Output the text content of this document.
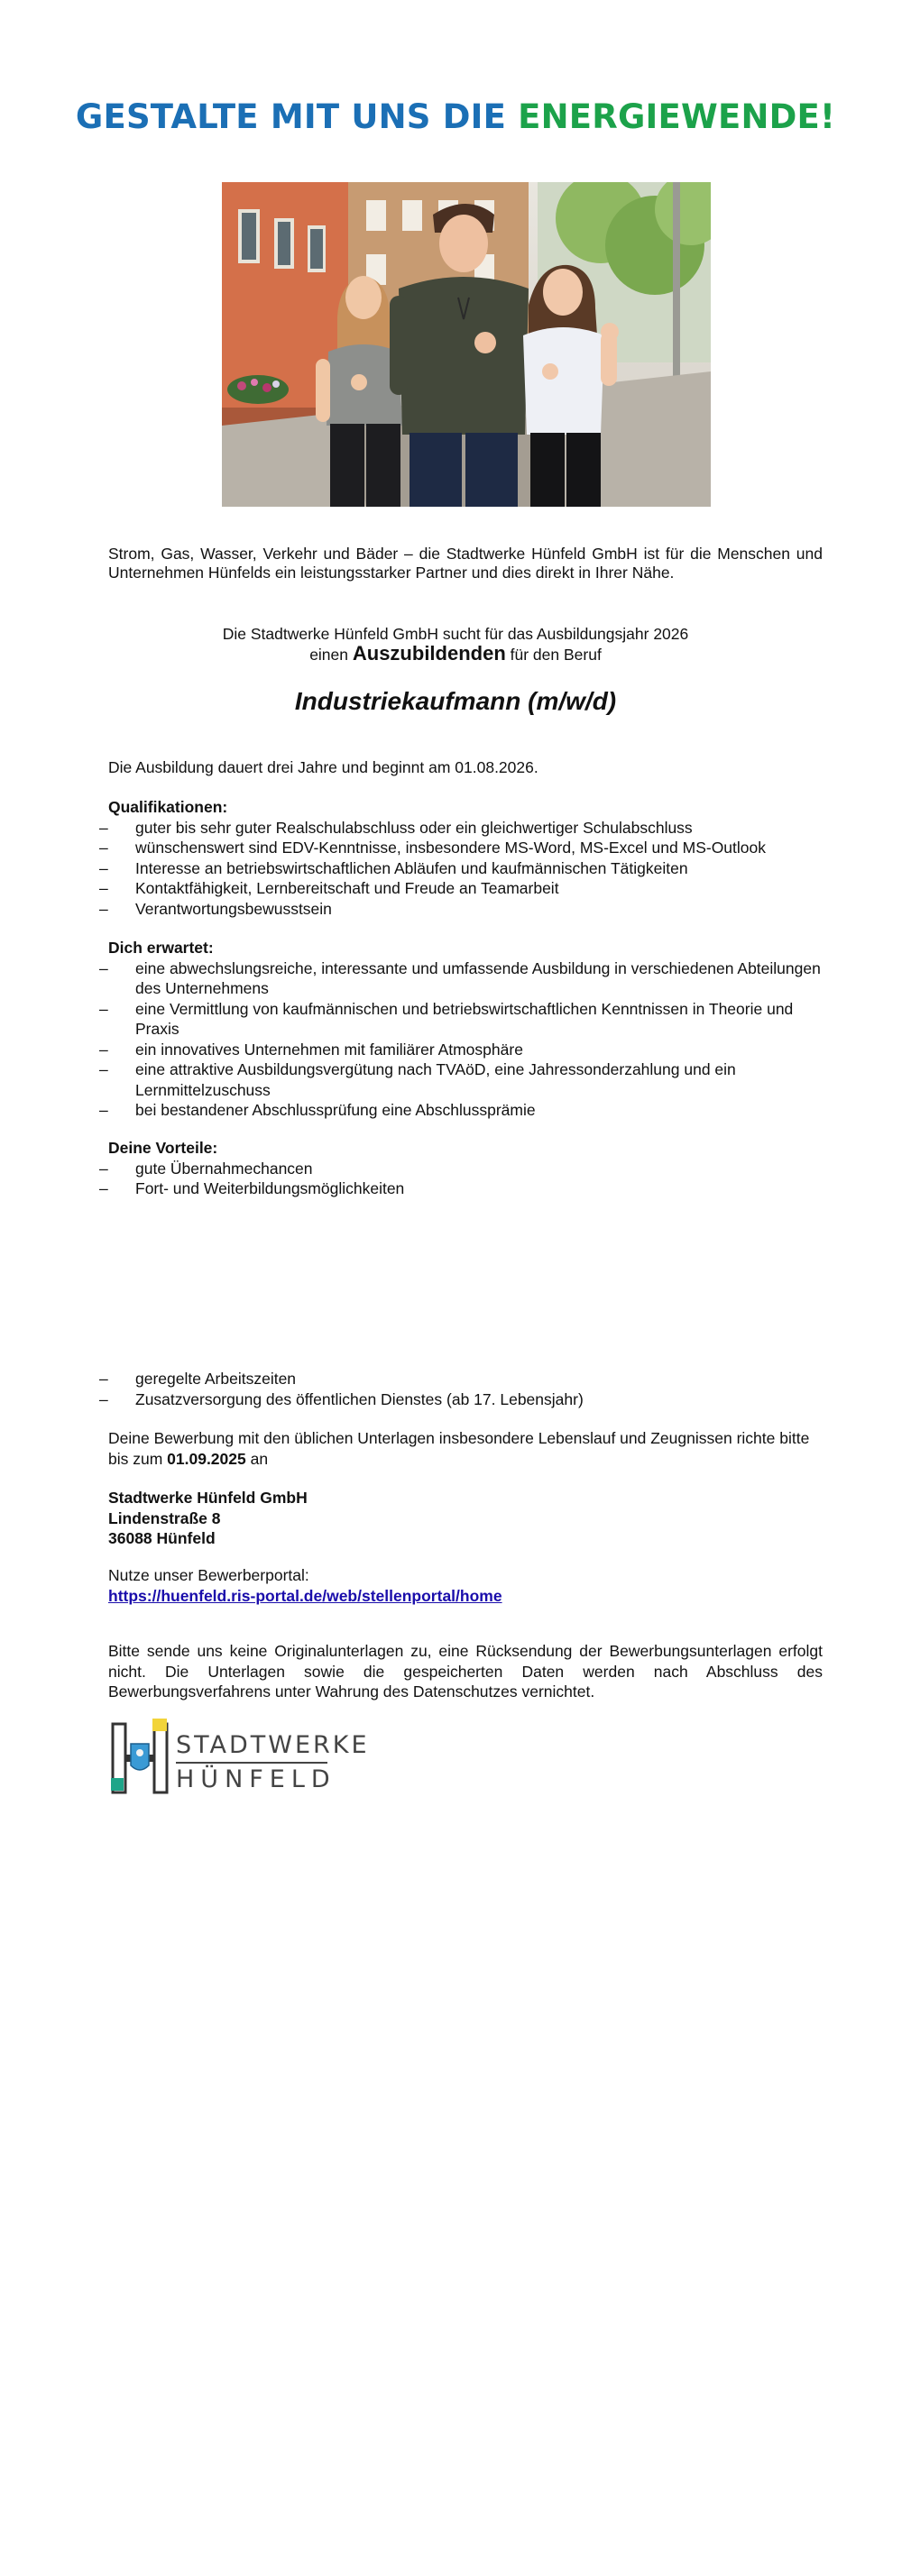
GESTALTE MIT UNS DIE ENERGIEWENDE!
Strom, Gas, Wasser, Verkehr und Bäder – die Stadtwerke Hünfeld GmbH ist für die Menschen und Unternehmen Hünfelds ein leistungsstarker Partner und dies direkt in Ihrer Nähe.
Die Stadtwerke Hünfeld GmbH sucht für das Ausbildungsjahr 2026
einen Auszubildenden für den Beruf
Industriekaufmann (m/w/d)
Die Ausbildung dauert drei Jahre und beginnt am 01.08.2026.
Qualifikationen:
– guter bis sehr guter Realschulabschluss oder ein gleichwertiger Schulabschluss
– wünschenswert sind EDV-Kenntnisse, insbesondere MS-Word, MS-Excel und MS-Outlook
– Interesse an betriebswirtschaftlichen Abläufen und kaufmännischen Tätigkeiten
– Kontaktfähigkeit, Lernbereitschaft und Freude an Teamarbeit
– Verantwortungsbewusstsein
Dich erwartet:
– eine abwechslungsreiche, interessante und umfassende Ausbildung in verschiedenen Abteilungen des Unternehmens
– eine Vermittlung von kaufmännischen und betriebswirtschaftlichen Kenntnissen in Theorie und Praxis
– ein innovatives Unternehmen mit familiärer Atmosphäre
– eine attraktive Ausbildungsvergütung nach TVAöD, eine Jahressonderzahlung und ein Lernmittelzuschuss
– bei bestandener Abschlussprüfung eine Abschlussprämie
Deine Vorteile:
– gute Übernahmechancen
– Fort- und Weiterbildungsmöglichkeiten
– geregelte Arbeitszeiten
– Zusatzversorgung des öffentlichen Dienstes (ab 17. Lebensjahr)
Deine Bewerbung mit den üblichen Unterlagen insbesondere Lebenslauf und Zeugnissen richte bitte bis zum 01.09.2025 an
Stadtwerke Hünfeld GmbH
Lindenstraße 8
36088 Hünfeld
Nutze unser Bewerberportal:
https://huenfeld.ris-portal.de/web/stellenportal/home
Bitte sende uns keine Originalunterlagen zu, eine Rücksendung der Bewerbungsunterlagen erfolgt nicht. Die Unterlagen sowie die gespeicherten Daten werden nach Abschluss des Bewerbungsverfahrens unter Wahrung des Datenschutzes vernichtet.
STADTWERKE
HÜNFELD
